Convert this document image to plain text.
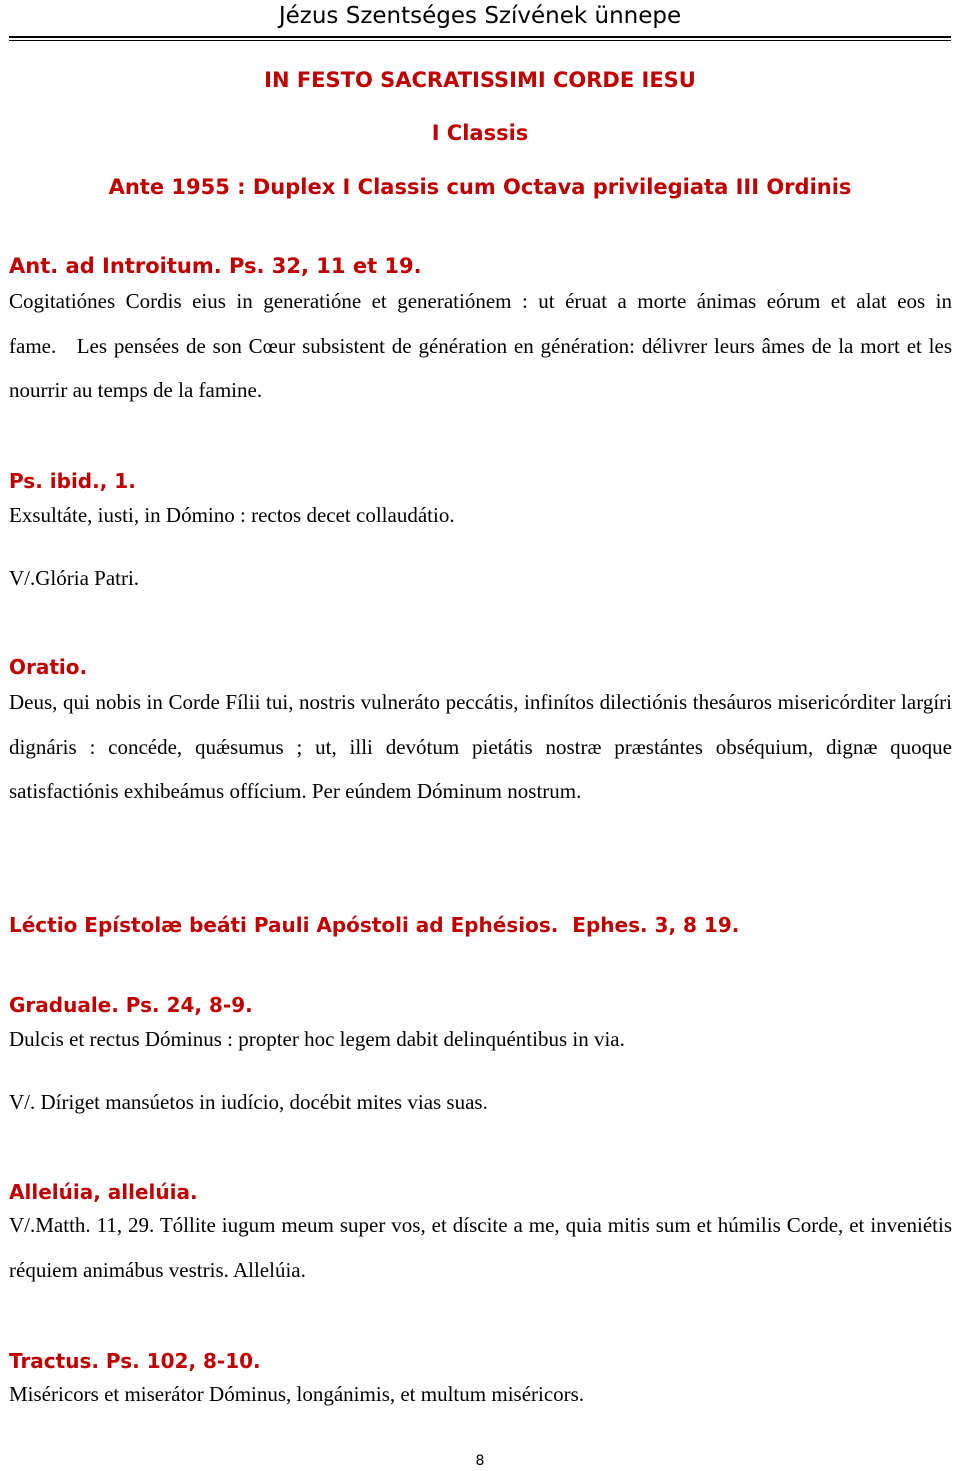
Jézus Szentséges Szívének ünnepe
IN FESTO SACRATISSIMI CORDE IESU
I Classis
Ante 1955 : Duplex I Classis cum Octava privilegiata III Ordinis
Ant. ad Introitum. Ps. 32, 11 et 19.
Cogitatiónes Cordis eius in generatióne et generatiónem : ut éruat a morte ánimas eórum et alat eos in fame. Les pensées de son Cœur subsistent de génération en génération: délivrer leurs âmes de la mort et les nourrir au temps de la famine.
Ps. ibid., 1.
Exsultáte, iusti, in Dómino : rectos decet collaudátio.
V/.Glória Patri.
Oratio.
Deus, qui nobis in Corde Fílii tui, nostris vulneráto peccátis, infinítos dilectiónis thesáuros misericórditer largíri dignáris : concéde, quǽsumus ; ut, illi devótum pietátis nostræ præstántes obséquium, dignæ quoque satisfactiónis exhibeámus offícium. Per eúndem Dóminum nostrum.
Léctio Epístolæ beáti Pauli Apóstoli ad Ephésios. Ephes. 3, 8 19.
Graduale. Ps. 24, 8-9.
Dulcis et rectus Dóminus : propter hoc legem dabit delinquéntibus in via.
V/. Díriget mansúetos in iudício, docébit mites vias suas.
Allelúia, allelúia.
V/.Matth. 11, 29. Tóllite iugum meum super vos, et díscite a me, quia mitis sum et húmilis Corde, et inveniétis réquiem animábus vestris. Allelúia.
Tractus. Ps. 102, 8-10.
Miséricors et miserátor Dóminus, longánimis, et multum miséricors.
8
